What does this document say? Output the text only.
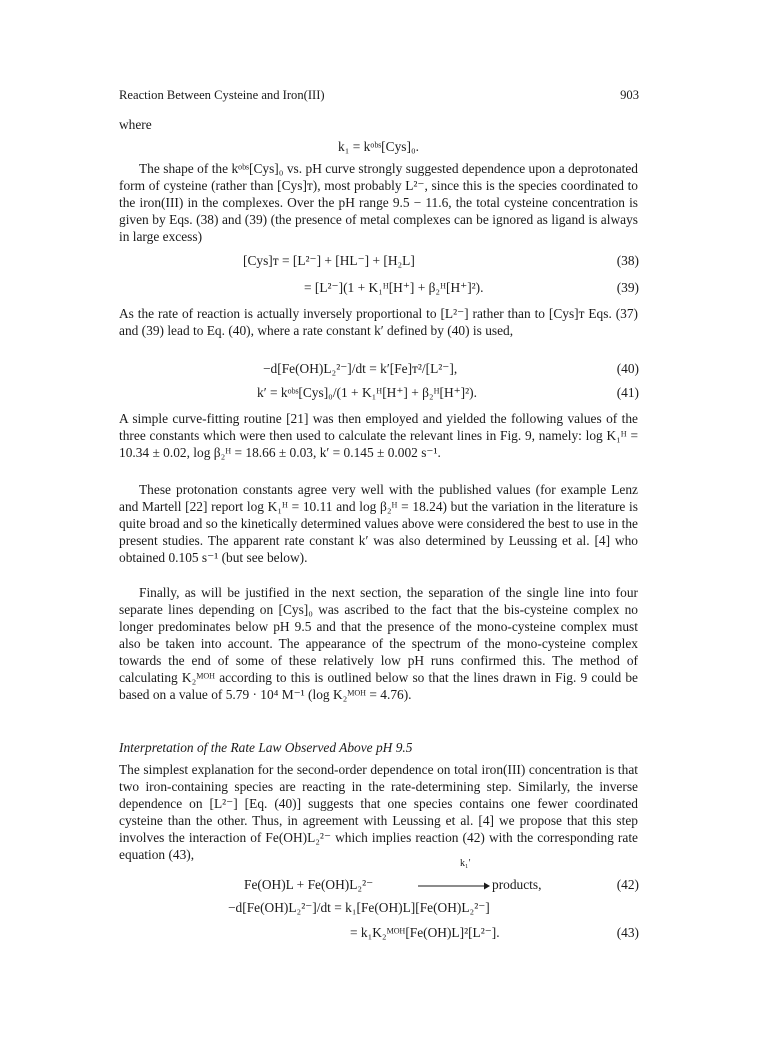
Reaction Between Cysteine and Iron(III)	903
where
k₁ = kᵒᵇˢ[Cys]₀.
The shape of the kᵒᵇˢ[Cys]₀ vs. pH curve strongly suggested dependence upon a deprotonated form of cysteine (rather than [Cys]ᴛ), most probably L²⁻, since this is the species coordinated to the iron(III) in the complexes. Over the pH range 9.5 − 11.6, the total cysteine concentration is given by Eqs. (38) and (39) (the presence of metal complexes can be ignored as ligand is always in large excess)
[Cys]ᴛ = [L²⁻] + [HL⁻] + [H₂L]	(38)
= [L²⁻](1 + K₁ᴴ[H⁺] + β₂ᴴ[H⁺]²).	(39)
As the rate of reaction is actually inversely proportional to [L²⁻] rather than to [Cys]ᴛ Eqs. (37) and (39) lead to Eq. (40), where a rate constant k′ defined by (40) is used,
−d[Fe(OH)L₂²⁻]/dt = k′[Fe]ᴛ²/[L²⁻],	(40)
k′ = kᵒᵇˢ[Cys]₀/(1 + K₁ᴴ[H⁺] + β₂ᴴ[H⁺]²).	(41)
A simple curve-fitting routine [21] was then employed and yielded the following values of the three constants which were then used to calculate the relevant lines in Fig. 9, namely: log K₁ᴴ = 10.34 ± 0.02, log β₂ᴴ = 18.66 ± 0.03, k′ = 0.145 ± 0.002 s⁻¹.
These protonation constants agree very well with the published values (for example Lenz and Martell [22] report log K₁ᴴ = 10.11 and log β₂ᴴ = 18.24) but the variation in the literature is quite broad and so the kinetically determined values above were considered the best to use in the present studies. The apparent rate constant k′ was also determined by Leussing et al. [4] who obtained 0.105 s⁻¹ (but see below).
Finally, as will be justified in the next section, the separation of the single line into four separate lines depending on [Cys]₀ was ascribed to the fact that the bis-cysteine complex no longer predominates below pH 9.5 and that the presence of the mono-cysteine complex must also be taken into account. The appearance of the spectrum of the mono-cysteine complex towards the end of some of these relatively low pH runs confirmed this. The method of calculating K₂ᴹᴼᴴ according to this is outlined below so that the lines drawn in Fig. 9 could be based on a value of 5.79 · 10⁴ M⁻¹ (log K₂ᴹᴼᴴ = 4.76).
Interpretation of the Rate Law Observed Above pH 9.5
The simplest explanation for the second-order dependence on total iron(III) concentration is that two iron-containing species are reacting in the rate-determining step. Similarly, the inverse dependence on [L²⁻] [Eq. (40)] suggests that one species contains one fewer coordinated cysteine than the other. Thus, in agreement with Leussing et al. [4] we propose that this step involves the interaction of Fe(OH)L₂²⁻ which implies reaction (42) with the corresponding rate equation (43),
k₁′
Fe(OH)L + Fe(OH)L₂²⁻	products,	(42)
−d[Fe(OH)L₂²⁻]/dt = k₁[Fe(OH)L][Fe(OH)L₂²⁻]
= k₁K₂ᴹᴼᴴ[Fe(OH)L]²[L²⁻].	(43)
